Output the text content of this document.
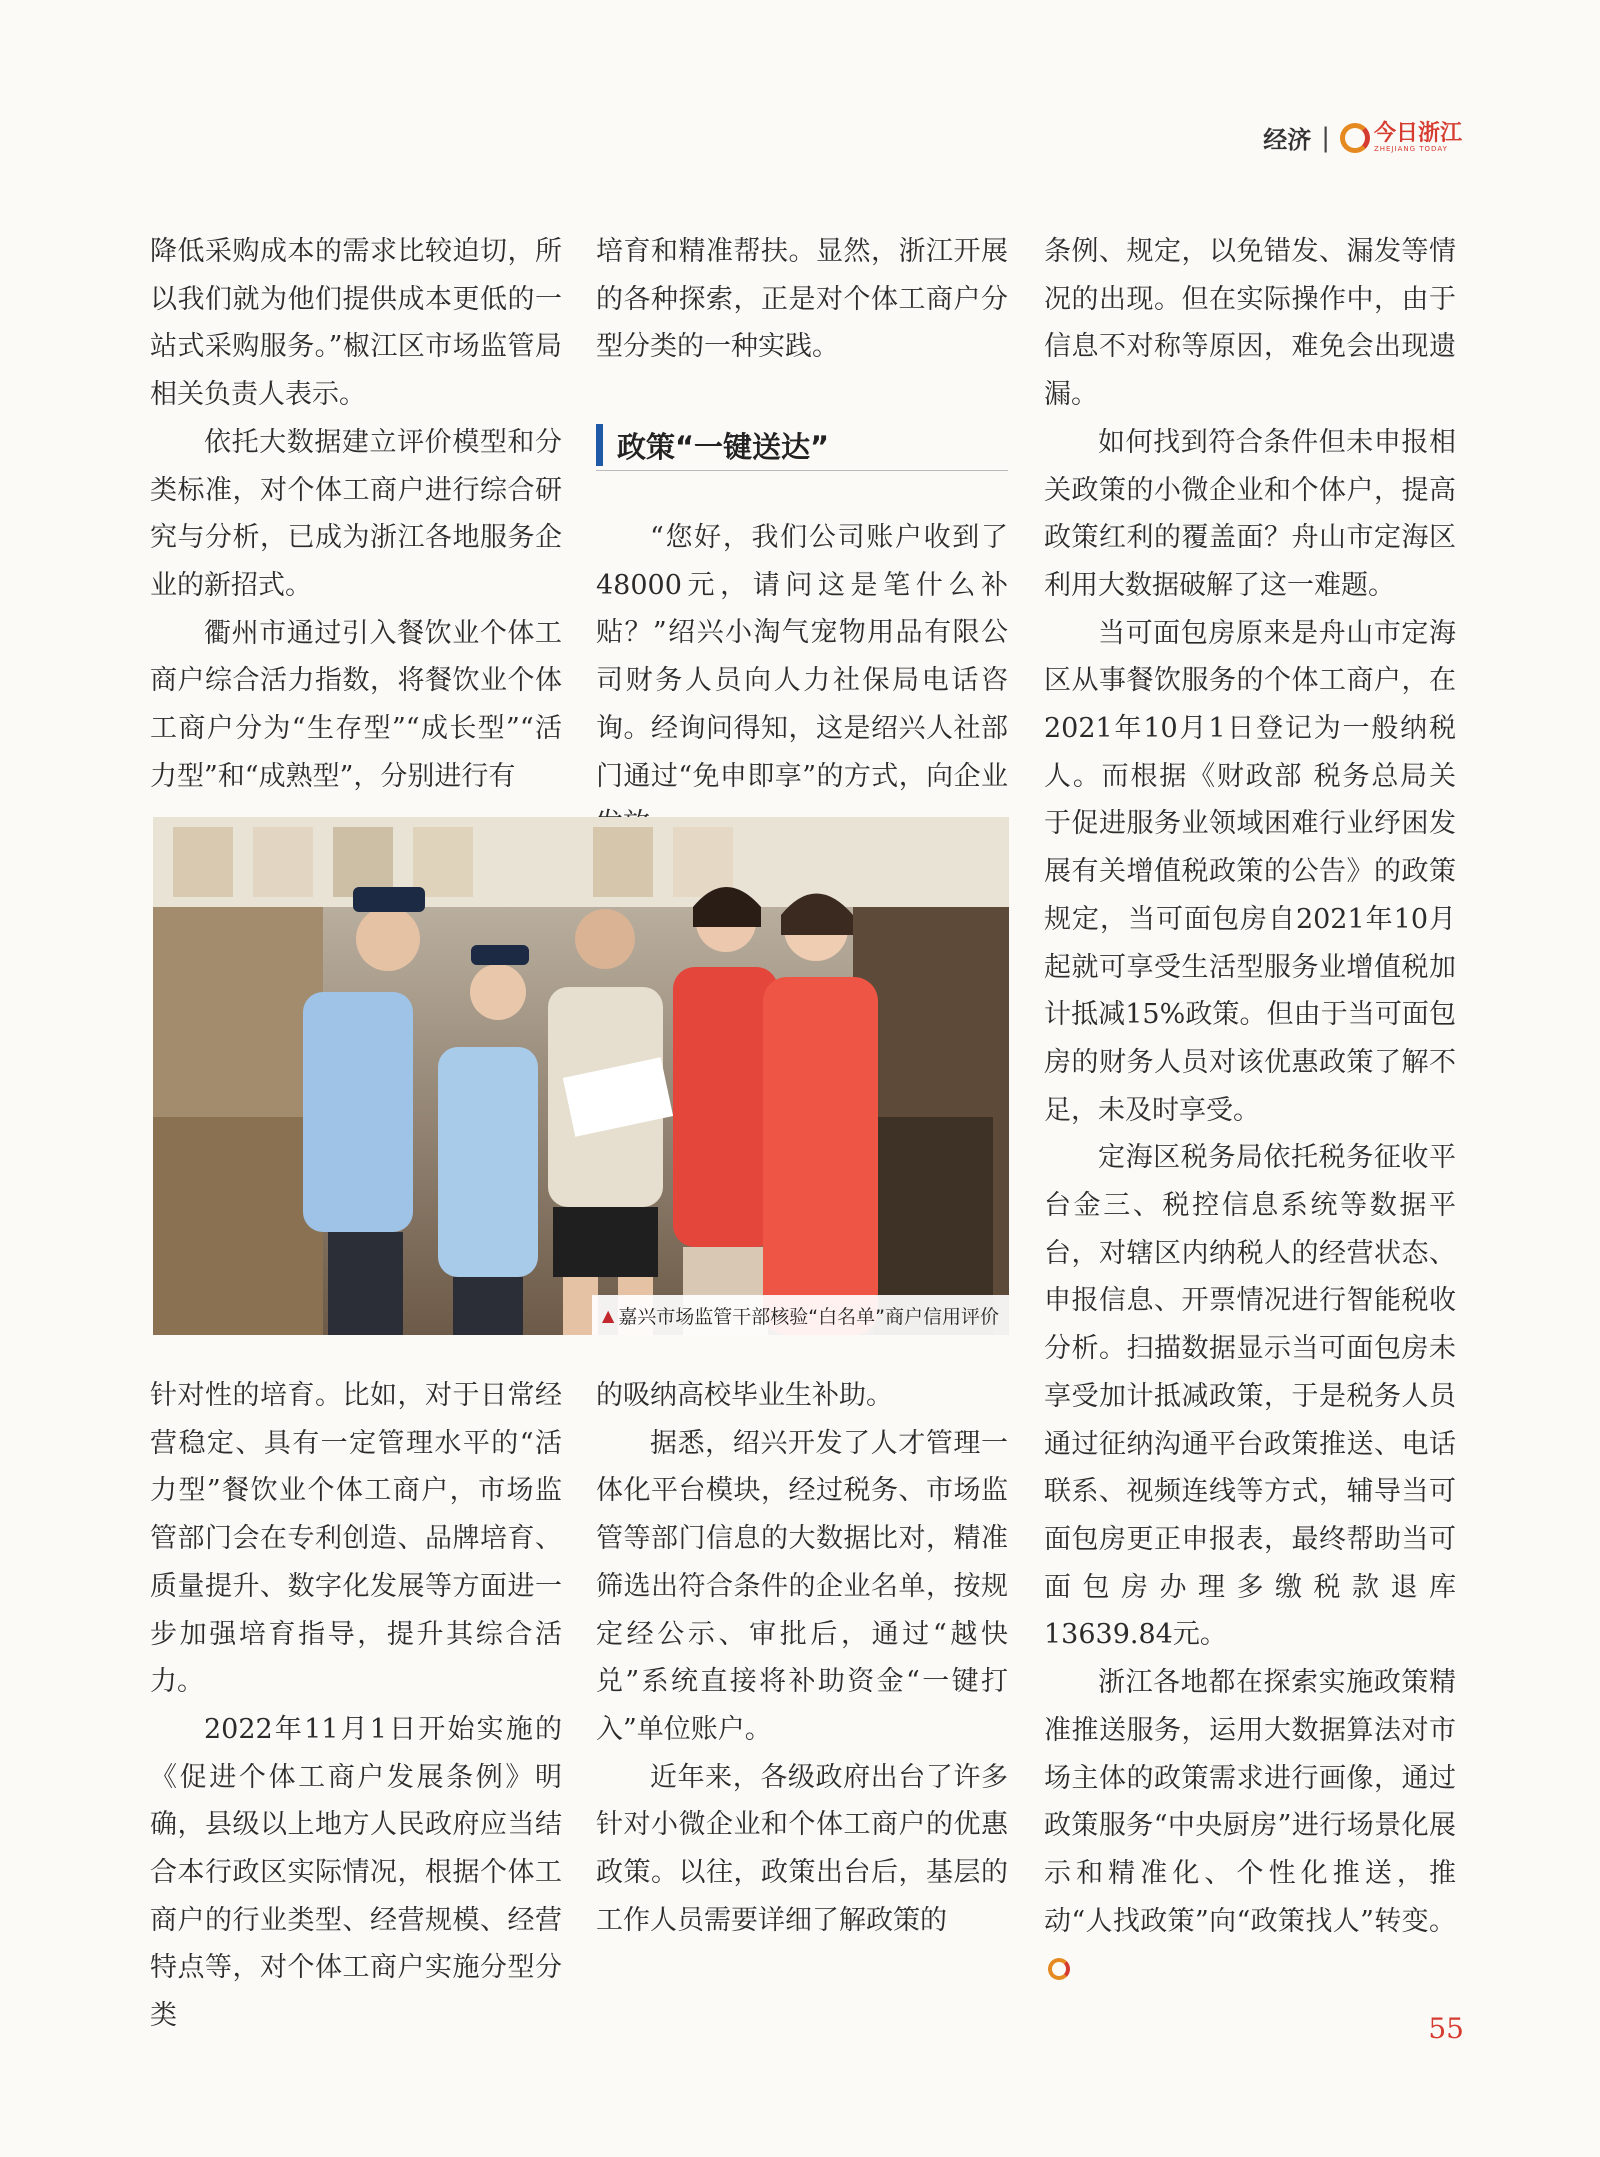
经济 | 今日浙江
ZHEJIANG TODAY

降低采购成本的需求比较迫切，所以我们就为他们提供成本更低的一站式采购服务。”椒江区市场监管局相关负责人表示。

依托大数据建立评价模型和分类标准，对个体工商户进行综合研究与分析，已成为浙江各地服务企业的新招式。

衢州市通过引入餐饮业个体工商户综合活力指数，将餐饮业个体工商户分为“生存型”“成长型”“活力型”和“成熟型”，分别进行有

培育和精准帮扶。显然，浙江开展的各种探索，正是对个体工商户分型分类的一种实践。

政策“一键送达”

“您好，我们公司账户收到了48000元，请问这是笔什么补贴？”绍兴小淘气宠物用品有限公司财务人员向人力社保局电话咨询。经询问得知，这是绍兴人社部门通过“免申即享”的方式，向企业

▲ 嘉兴市场监管干部核验“白名单”商户信用评价

针对性的培育。比如，对于日常经营稳定、具有一定管理水平的“活力型”餐饮业个体工商户，市场监管部门会在专利创造、品牌培育、质量提升、数字化发展等方面进一步加强培育指导，提升其综合活力。

2022年11月1日开始实施的《促进个体工商户发展条例》明确，县级以上地方人民政府应当结合本行政区实际情况，根据个体工商户的行业类型、经营规模、经营特点等，对个体工商户实施分型分类

的吸纳高校毕业生补助。

据悉，绍兴开发了人才管理一体化平台模块，经过税务、市场监管等部门信息的大数据比对，精准筛选出符合条件的企业名单，按规定经公示、审批后，通过“越快兑”系统直接将补助资金“一键打入”单位账户。

近年来，各级政府出台了许多针对小微企业和个体工商户的优惠政策。以往，政策出台后，基层的工作人员需要详细了解政策的

条例、规定，以免错发、漏发等情况的出现。但在实际操作中，由于信息不对称等原因，难免会出现遗漏。

如何找到符合条件但未申报相关政策的小微企业和个体户，提高政策红利的覆盖面？舟山市定海区利用大数据破解了这一难题。

当可面包房原来是舟山市定海区从事餐饮服务的个体工商户，在2021年10月1日登记为一般纳税人。而根据《财政部 税务总局关于促进服务业领域困难行业纾困发展有关增值税政策的公告》的政策规定，当可面包房自2021年10月起就可享受生活型服务业增值税加计抵减15%政策。但由于当可面包房的财务人员对该优惠政策了解不足，未及时享受。

定海区税务局依托税务征收平台金三、税控信息系统等数据平台，对辖区内纳税人的经营状态、申报信息、开票情况进行智能税收分析。扫描数据显示当可面包房未享受加计抵减政策，于是税务人员通过征纳沟通平台政策推送、电话联系、视频连线等方式，辅导当可面包房更正申报表，最终帮助当可面包房办理多缴税款退库13639.84元。

浙江各地都在探索实施政策精准推送服务，运用大数据算法对市场主体的政策需求进行画像，通过政策服务“中央厨房”进行场景化展示和精准化、个性化推送，推动“人找政策”向“政策找人”转变。

55
